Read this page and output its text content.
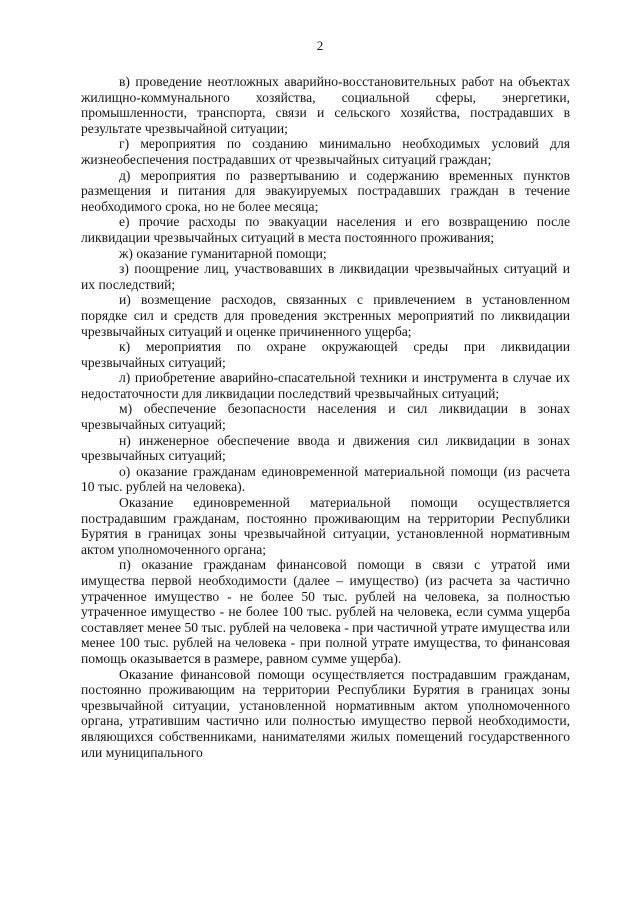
2

в) проведение неотложных аварийно-восстановительных работ на объектах жилищно-коммунального хозяйства, социальной сферы, энергетики, промышленности, транспорта, связи и сельского хозяйства, пострадавших в результате чрезвычайной ситуации;

г) мероприятия по созданию минимально необходимых условий для жизнеобеспечения пострадавших от чрезвычайных ситуаций граждан;

д) мероприятия по развертыванию и содержанию временных пунктов размещения и питания для эвакуируемых пострадавших граждан в течение необходимого срока, но не более месяца;

е) прочие расходы по эвакуации населения и его возвращению после ликвидации чрезвычайных ситуаций в места постоянного проживания;

ж) оказание гуманитарной помощи;

з) поощрение лиц, участвовавших в ликвидации чрезвычайных ситуаций и их последствий;

и) возмещение расходов, связанных с привлечением в установленном порядке сил и средств для проведения экстренных мероприятий по ликвидации чрезвычайных ситуаций и оценке причиненного ущерба;

к) мероприятия по охране окружающей среды при ликвидации чрезвычайных ситуаций;

л) приобретение аварийно-спасательной техники и инструмента в случае их недостаточности для ликвидации последствий чрезвычайных ситуаций;

м) обеспечение безопасности населения и сил ликвидации в зонах чрезвычайных ситуаций;

н) инженерное обеспечение ввода и движения сил ликвидации в зонах чрезвычайных ситуаций;

о) оказание гражданам единовременной материальной помощи (из расчета 10 тыс. рублей на человека).

Оказание единовременной материальной помощи осуществляется пострадавшим гражданам, постоянно проживающим на территории Республики Бурятия в границах зоны чрезвычайной ситуации, установленной нормативным актом уполномоченного органа;

п) оказание гражданам финансовой помощи в связи с утратой ими имущества первой необходимости (далее – имущество) (из расчета за частично утраченное имущество - не более 50 тыс. рублей на человека, за полностью утраченное имущество - не более 100 тыс. рублей на человека, если сумма ущерба составляет менее 50 тыс. рублей на человека - при частичной утрате имущества или менее 100 тыс. рублей на человека - при полной утрате имущества, то финансовая помощь оказывается в размере, равном сумме ущерба).

Оказание финансовой помощи осуществляется пострадавшим гражданам, постоянно проживающим на территории Республики Бурятия в границах зоны чрезвычайной ситуации, установленной нормативным актом уполномоченного органа, утратившим частично или полностью имущество первой необходимости, являющихся собственниками, нанимателями жилых помещений государственного или муниципального
